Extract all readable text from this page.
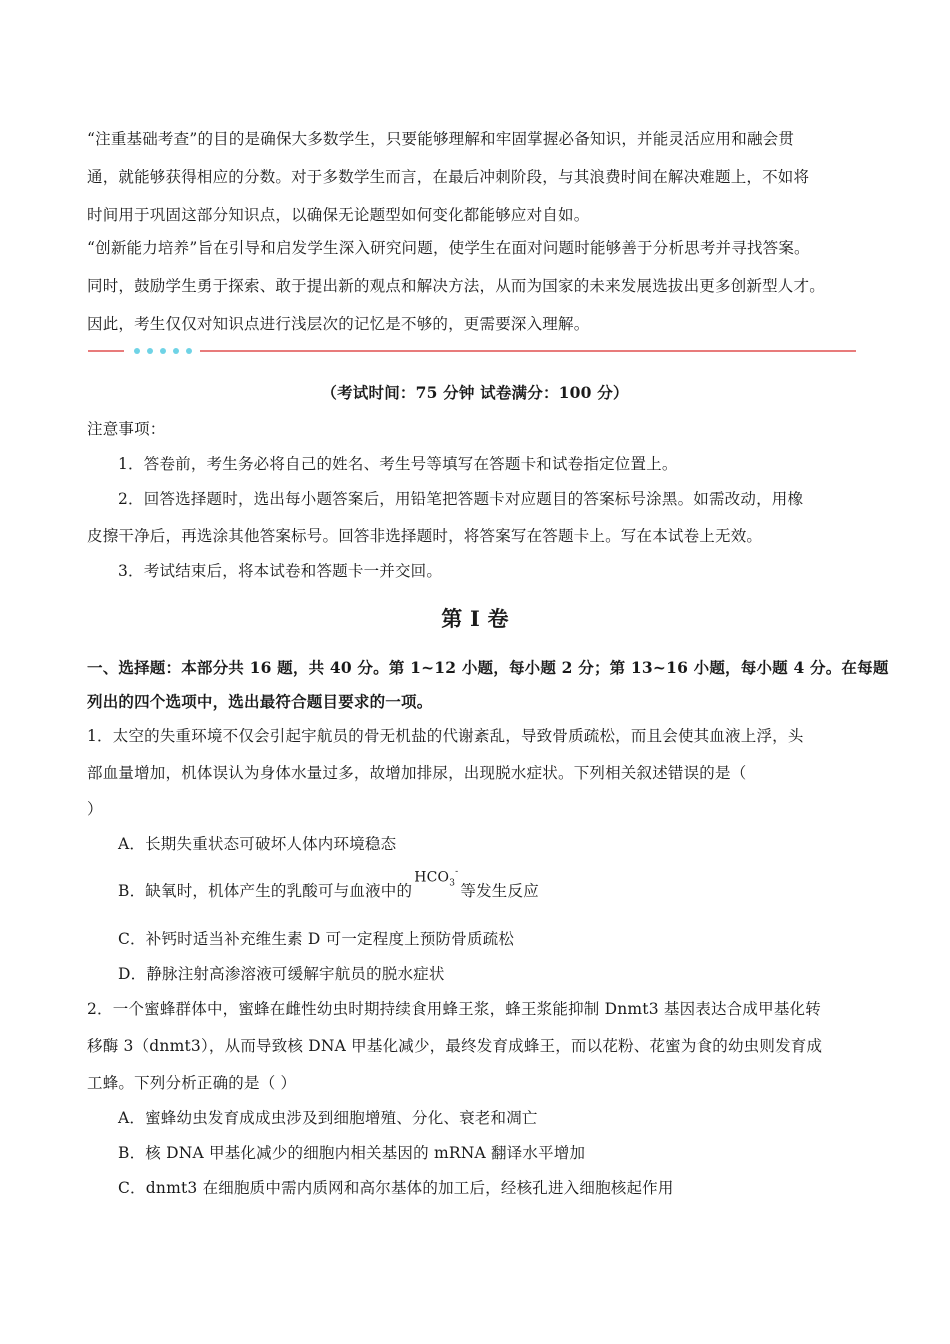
“注重基础考查”的目的是确保大多数学生，只要能够理解和牢固掌握必备知识，并能灵活应用和融会贯
通，就能够获得相应的分数。对于多数学生而言，在最后冲刺阶段，与其浪费时间在解决难题上，不如将
时间用于巩固这部分知识点，以确保无论题型如何变化都能够应对自如。
“创新能力培养”旨在引导和启发学生深入研究问题，使学生在面对问题时能够善于分析思考并寻找答案。
同时，鼓励学生勇于探索、敢于提出新的观点和解决方法，从而为国家的未来发展选拔出更多创新型人才。
因此，考生仅仅对知识点进行浅层次的记忆是不够的，更需要深入理解。
（考试时间：75 分钟 试卷满分：100 分）
注意事项：
1．答卷前，考生务必将自己的姓名、考生号等填写在答题卡和试卷指定位置上。
2．回答选择题时，选出每小题答案后，用铅笔把答题卡对应题目的答案标号涂黑。如需改动，用橡
皮擦干净后，再选涂其他答案标号。回答非选择题时，将答案写在答题卡上。写在本试卷上无效。
3．考试结束后，将本试卷和答题卡一并交回。
第 I 卷
一、选择题：本部分共 16 题，共 40 分。第 1~12 小题，每小题 2 分；第 13~16 小题，每小题 4 分。在每题
列出的四个选项中，选出最符合题目要求的一项。
1．太空的失重环境不仅会引起宇航员的骨无机盐的代谢紊乱，导致骨质疏松，而且会使其血液上浮，头
部血量增加，机体误认为身体水量过多，故增加排尿，出现脱水症状。下列相关叙述错误的是（
）
A．长期失重状态可破坏人体内环境稳态
B．缺氧时，机体产生的乳酸可与血液中的$HCO_3^-$等发生反应
C．补钙时适当补充维生素 D 可一定程度上预防骨质疏松
D．静脉注射高渗溶液可缓解宇航员的脱水症状
2．一个蜜蜂群体中，蜜蜂在雌性幼虫时期持续食用蜂王浆，蜂王浆能抑制 Dnmt3 基因表达合成甲基化转
移酶 3（dnmt3），从而导致核 DNA 甲基化减少，最终发育成蜂王，而以花粉、花蜜为食的幼虫则发育成
工蜂。下列分析正确的是（ ）
A．蜜蜂幼虫发育成成虫涉及到细胞增殖、分化、衰老和凋亡
B．核 DNA 甲基化减少的细胞内相关基因的 mRNA 翻译水平增加
C．dnmt3 在细胞质中需内质网和高尔基体的加工后，经核孔进入细胞核起作用
